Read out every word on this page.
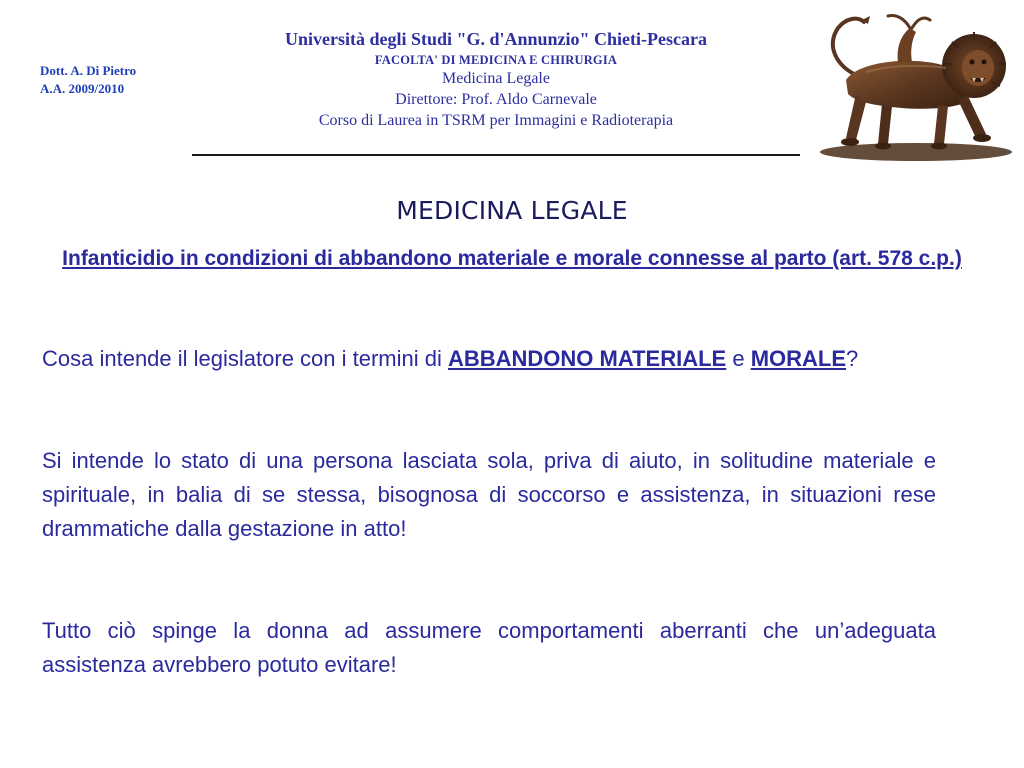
Dott. A. Di Pietro
A.A. 2009/2010
Università degli Studi "G. d'Annunzio" Chieti-Pescara
FACOLTA' DI MEDICINA E CHIRURGIA
Medicina Legale
Direttore: Prof. Aldo Carnevale
Corso di Laurea in TSRM per Immagini e Radioterapia
MEDICINA LEGALE
Infanticidio in condizioni di abbandono materiale e morale connesse al parto (art. 578 c.p.)
Cosa intende il legislatore con i termini di ABBANDONO MATERIALE e MORALE?
Si intende lo stato di una persona lasciata sola, priva di aiuto, in solitudine materiale e spirituale, in balia di se stessa, bisognosa di soccorso e assistenza, in situazioni rese drammatiche dalla gestazione in atto!
Tutto ciò spinge la donna ad assumere comportamenti aberranti che un’adeguata assistenza avrebbero potuto evitare!
